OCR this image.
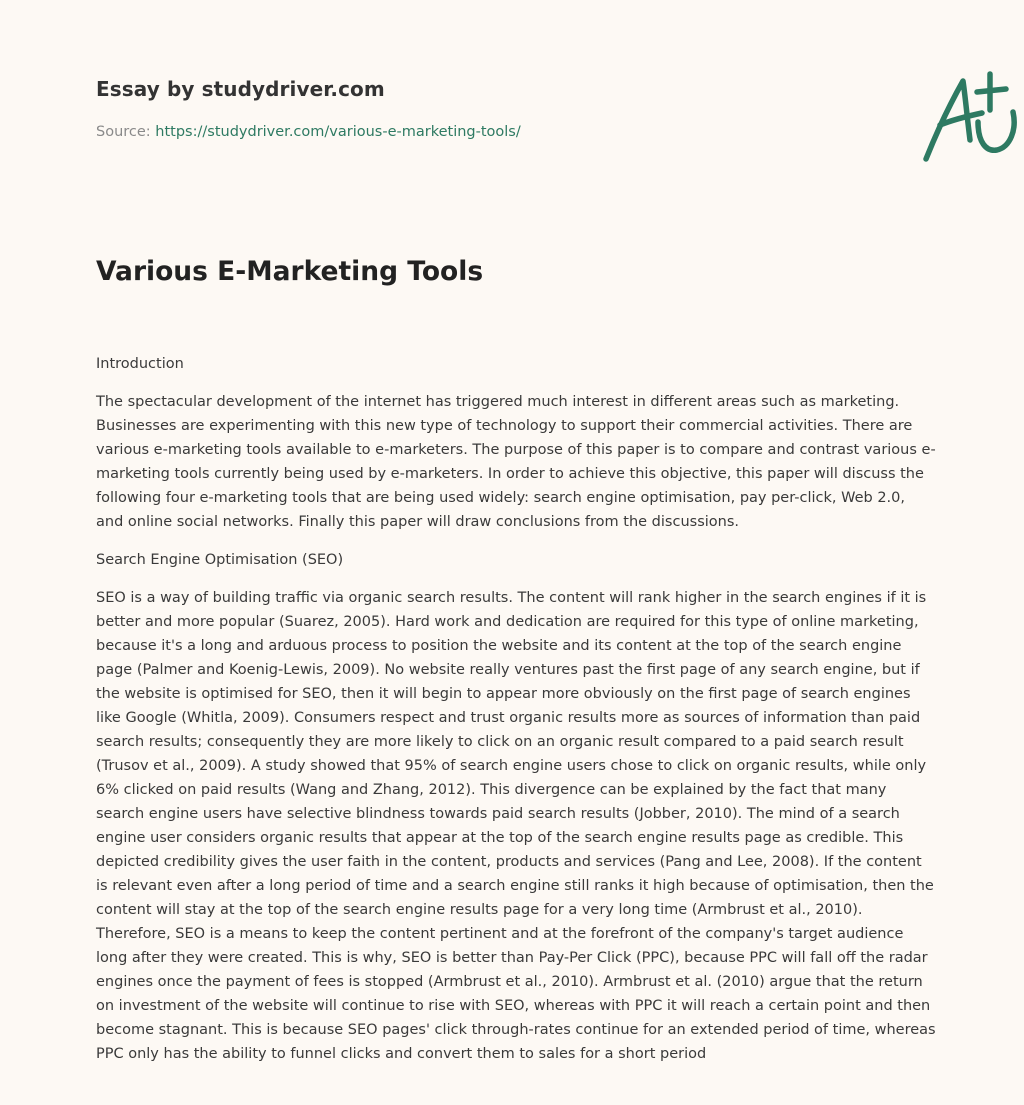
Essay by studydriver.com
Source: https://studydriver.com/various-e-marketing-tools/
Various E-Marketing Tools

Introduction

The spectacular development of the internet has triggered much interest in different areas such as marketing. Businesses are experimenting with this new type of technology to support their commercial activities. There are various e-marketing tools available to e-marketers. The purpose of this paper is to compare and contrast various e-marketing tools currently being used by e-marketers. In order to achieve this objective, this paper will discuss the following four e-marketing tools that are being used widely: search engine optimisation, pay per-click, Web 2.0, and online social networks. Finally this paper will draw conclusions from the discussions.

Search Engine Optimisation (SEO)

SEO is a way of building traffic via organic search results. The content will rank higher in the search engines if it is better and more popular (Suarez, 2005). Hard work and dedication are required for this type of online marketing, because it's a long and arduous process to position the website and its content at the top of the search engine page (Palmer and Koenig-Lewis, 2009). No website really ventures past the first page of any search engine, but if the website is optimised for SEO, then it will begin to appear more obviously on the first page of search engines like Google (Whitla, 2009). Consumers respect and trust organic results more as sources of information than paid search results; consequently they are more likely to click on an organic result compared to a paid search result (Trusov et al., 2009). A study showed that 95% of search engine users chose to click on organic results, while only 6% clicked on paid results (Wang and Zhang, 2012). This divergence can be explained by the fact that many search engine users have selective blindness towards paid search results (Jobber, 2010). The mind of a search engine user considers organic results that appear at the top of the search engine results page as credible. This depicted credibility gives the user faith in the content, products and services (Pang and Lee, 2008). If the content is relevant even after a long period of time and a search engine still ranks it high because of optimisation, then the content will stay at the top of the search engine results page for a very long time (Armbrust et al., 2010). Therefore, SEO is a means to keep the content pertinent and at the forefront of the company's target audience long after they were created. This is why, SEO is better than Pay-Per Click (PPC), because PPC will fall off the radar engines once the payment of fees is stopped (Armbrust et al., 2010). Armbrust et al. (2010) argue that the return on investment of the website will continue to rise with SEO, whereas with PPC it will reach a certain point and then become stagnant. This is because SEO pages' click through-rates continue for an extended period of time, whereas PPC only has the ability to funnel clicks and convert them to sales for a short period
